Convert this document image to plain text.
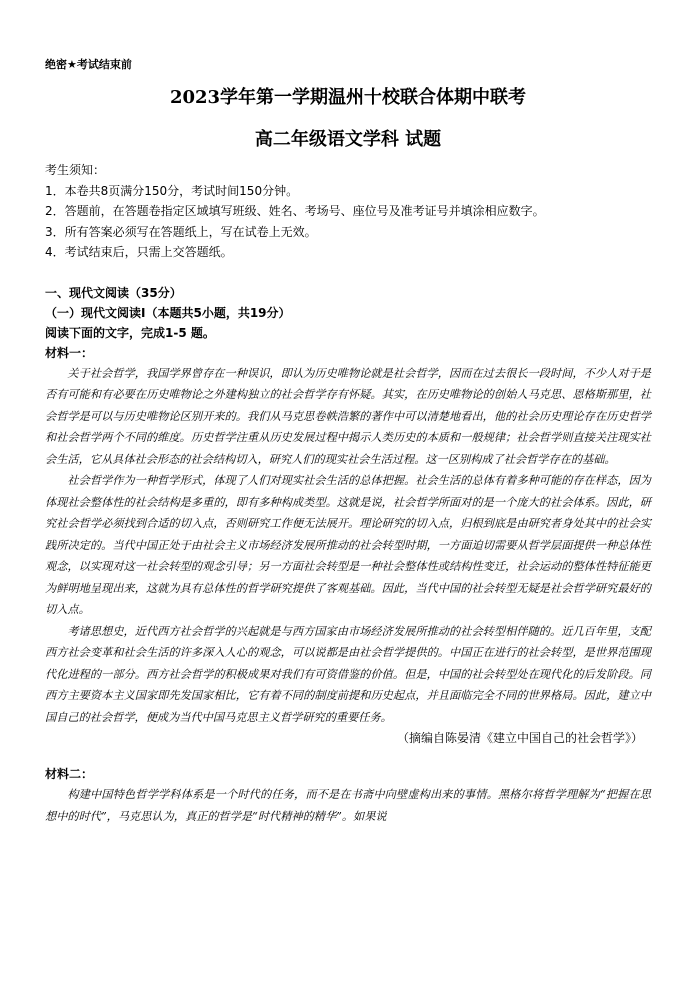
绝密★考试结束前
2023学年第一学期温州十校联合体期中联考
高二年级语文学科 试题
考生须知：
1．本卷共8页满分150分，考试时间150分钟。
2．答题前，在答题卷指定区域填写班级、姓名、考场号、座位号及准考证号并填涂相应数字。
3．所有答案必须写在答题纸上，写在试卷上无效。
4．考试结束后，只需上交答题纸。
一、现代文阅读（35分）
（一）现代文阅读Ⅰ（本题共5小题，共19分）
阅读下面的文字，完成1-5 题。
材料一：

关于社会哲学，我国学界曾存在一种误识，即认为历史唯物论就是社会哲学，因而在过去很长一段时间，不少人对于是否有可能和有必要在历史唯物论之外建构独立的社会哲学存有怀疑。其实，在历史唯物论的创始人马克思、恩格斯那里，社会哲学是可以与历史唯物论区别开来的。我们从马克思卷帙浩繁的著作中可以清楚地看出，他的社会历史理论存在历史哲学和社会哲学两个不同的维度。历史哲学注重从历史发展过程中揭示人类历史的本质和一般规律；社会哲学则直接关注现实社会生活，它从具体社会形态的社会结构切入，研究人们的现实社会生活过程。这一区别构成了社会哲学存在的基础。

社会哲学作为一种哲学形式，体现了人们对现实社会生活的总体把握。社会生活的总体有着多种可能的存在样态，因为体现社会整体性的社会结构是多重的，即有多种构成类型。这就是说，社会哲学所面对的是一个庞大的社会体系。因此，研究社会哲学必须找到合适的切入点，否则研究工作便无法展开。理论研究的切入点，归根到底是由研究者身处其中的社会实践所决定的。当代中国正处于由社会主义市场经济发展所推动的社会转型时期，一方面迫切需要从哲学层面提供一种总体性观念，以实现对这一社会转型的观念引导；另一方面社会转型是一种社会整体性或结构性变迁，社会运动的整体性特征能更为鲜明地呈现出来，这就为具有总体性的哲学研究提供了客观基础。因此，当代中国的社会转型无疑是社会哲学研究最好的切入点。

考诸思想史，近代西方社会哲学的兴起就是与西方国家由市场经济发展所推动的社会转型相伴随的。近几百年里，支配西方社会变革和社会生活的许多深入人心的观念，可以说都是由社会哲学提供的。中国正在进行的社会转型，是世界范围现代化进程的一部分。西方社会哲学的积极成果对我们有可资借鉴的价值。但是，中国的社会转型处在现代化的后发阶段。同西方主要资本主义国家即先发国家相比，它有着不同的制度前提和历史起点，并且面临完全不同的世界格局。因此，建立中国自己的社会哲学，便成为当代中国马克思主义哲学研究的重要任务。

（摘编自陈晏清《建立中国自己的社会哲学》）

材料二：

构建中国特色哲学学科体系是一个时代的任务，而不是在书斋中向壁虚构出来的事情。黑格尔将哲学理解为“把握在思想中的时代”，马克思认为，真正的哲学是“时代精神的精华”。如果说
